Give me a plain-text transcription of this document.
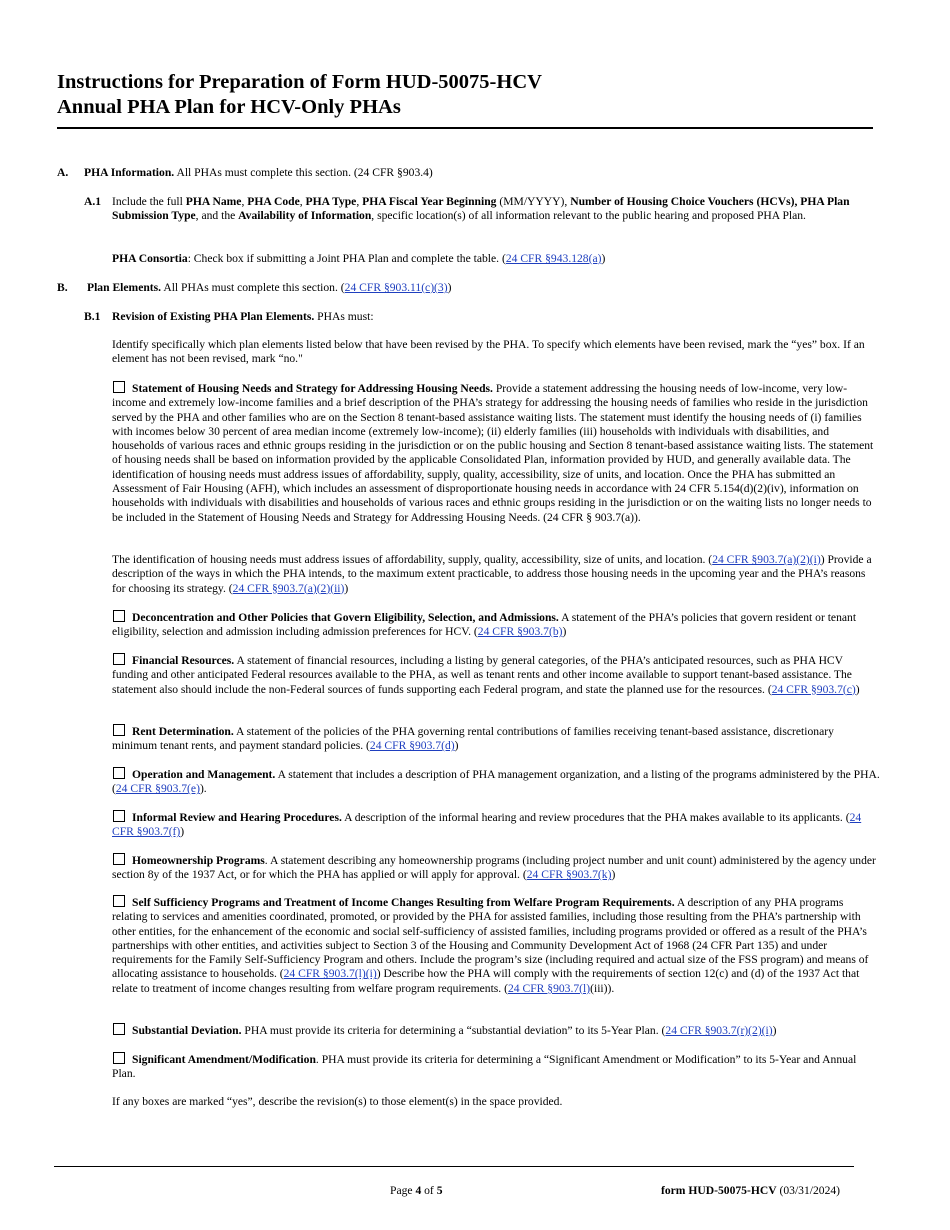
Instructions for Preparation of Form HUD-50075-HCV
Annual PHA Plan for HCV-Only PHAs
A. PHA Information. All PHAs must complete this section. (24 CFR §903.4)
A.1 Include the full PHA Name, PHA Code, PHA Type, PHA Fiscal Year Beginning (MM/YYYY), Number of Housing Choice Vouchers (HCVs), PHA Plan Submission Type, and the Availability of Information, specific location(s) of all information relevant to the public hearing and proposed PHA Plan.
PHA Consortia: Check box if submitting a Joint PHA Plan and complete the table. (24 CFR §943.128(a))
B. Plan Elements. All PHAs must complete this section. (24 CFR §903.11(c)(3))
B.1 Revision of Existing PHA Plan Elements. PHAs must:
Identify specifically which plan elements listed below that have been revised by the PHA. To specify which elements have been revised, mark the “yes” box. If an element has not been revised, mark “no."
Statement of Housing Needs and Strategy for Addressing Housing Needs. Provide a statement addressing the housing needs of low-income, very low-income and extremely low-income families and a brief description of the PHA’s strategy for addressing the housing needs of families who reside in the jurisdiction served by the PHA and other families who are on the Section 8 tenant-based assistance waiting lists. The statement must identify the housing needs of (i) families with incomes below 30 percent of area median income (extremely low-income); (ii) elderly families (iii) households with individuals with disabilities, and households of various races and ethnic groups residing in the jurisdiction or on the public housing and Section 8 tenant-based assistance waiting lists. The statement of housing needs shall be based on information provided by the applicable Consolidated Plan, information provided by HUD, and generally available data. The identification of housing needs must address issues of affordability, supply, quality, accessibility, size of units, and location. Once the PHA has submitted an Assessment of Fair Housing (AFH), which includes an assessment of disproportionate housing needs in accordance with 24 CFR 5.154(d)(2)(iv), information on households with individuals with disabilities and households of various races and ethnic groups residing in the jurisdiction or on the waiting lists no longer needs to be included in the Statement of Housing Needs and Strategy for Addressing Housing Needs. (24 CFR § 903.7(a)).
The identification of housing needs must address issues of affordability, supply, quality, accessibility, size of units, and location. (24 CFR §903.7(a)(2)(i)) Provide a description of the ways in which the PHA intends, to the maximum extent practicable, to address those housing needs in the upcoming year and the PHA’s reasons for choosing its strategy. (24 CFR §903.7(a)(2)(ii))
Deconcentration and Other Policies that Govern Eligibility, Selection, and Admissions. A statement of the PHA’s policies that govern resident or tenant eligibility, selection and admission including admission preferences for HCV. (24 CFR §903.7(b))
Financial Resources. A statement of financial resources, including a listing by general categories, of the PHA’s anticipated resources, such as PHA HCV funding and other anticipated Federal resources available to the PHA, as well as tenant rents and other income available to support tenant-based assistance. The statement also should include the non-Federal sources of funds supporting each Federal program, and state the planned use for the resources. (24 CFR §903.7(c))
Rent Determination. A statement of the policies of the PHA governing rental contributions of families receiving tenant-based assistance, discretionary minimum tenant rents, and payment standard policies. (24 CFR §903.7(d))
Operation and Management. A statement that includes a description of PHA management organization, and a listing of the programs administered by the PHA. (24 CFR §903.7(e)).
Informal Review and Hearing Procedures. A description of the informal hearing and review procedures that the PHA makes available to its applicants. (24 CFR §903.7(f))
Homeownership Programs. A statement describing any homeownership programs (including project number and unit count) administered by the agency under section 8y of the 1937 Act, or for which the PHA has applied or will apply for approval. (24 CFR §903.7(k))
Self Sufficiency Programs and Treatment of Income Changes Resulting from Welfare Program Requirements. A description of any PHA programs relating to services and amenities coordinated, promoted, or provided by the PHA for assisted families, including those resulting from the PHA’s partnership with other entities, for the enhancement of the economic and social self-sufficiency of assisted families, including programs provided or offered as a result of the PHA’s partnerships with other entities, and activities subject to Section 3 of the Housing and Community Development Act of 1968 (24 CFR Part 135) and under requirements for the Family Self-Sufficiency Program and others. Include the program’s size (including required and actual size of the FSS program) and means of allocating assistance to households. (24 CFR §903.7(l)(i)) Describe how the PHA will comply with the requirements of section 12(c) and (d) of the 1937 Act that relate to treatment of income changes resulting from welfare program requirements. (24 CFR §903.7(l)(iii)).
Substantial Deviation. PHA must provide its criteria for determining a “substantial deviation” to its 5-Year Plan. (24 CFR §903.7(r)(2)(i))
Significant Amendment/Modification. PHA must provide its criteria for determining a “Significant Amendment or Modification” to its 5-Year and Annual Plan.
If any boxes are marked “yes”, describe the revision(s) to those element(s) in the space provided.
Page 4 of 5	form HUD-50075-HCV (03/31/2024)
